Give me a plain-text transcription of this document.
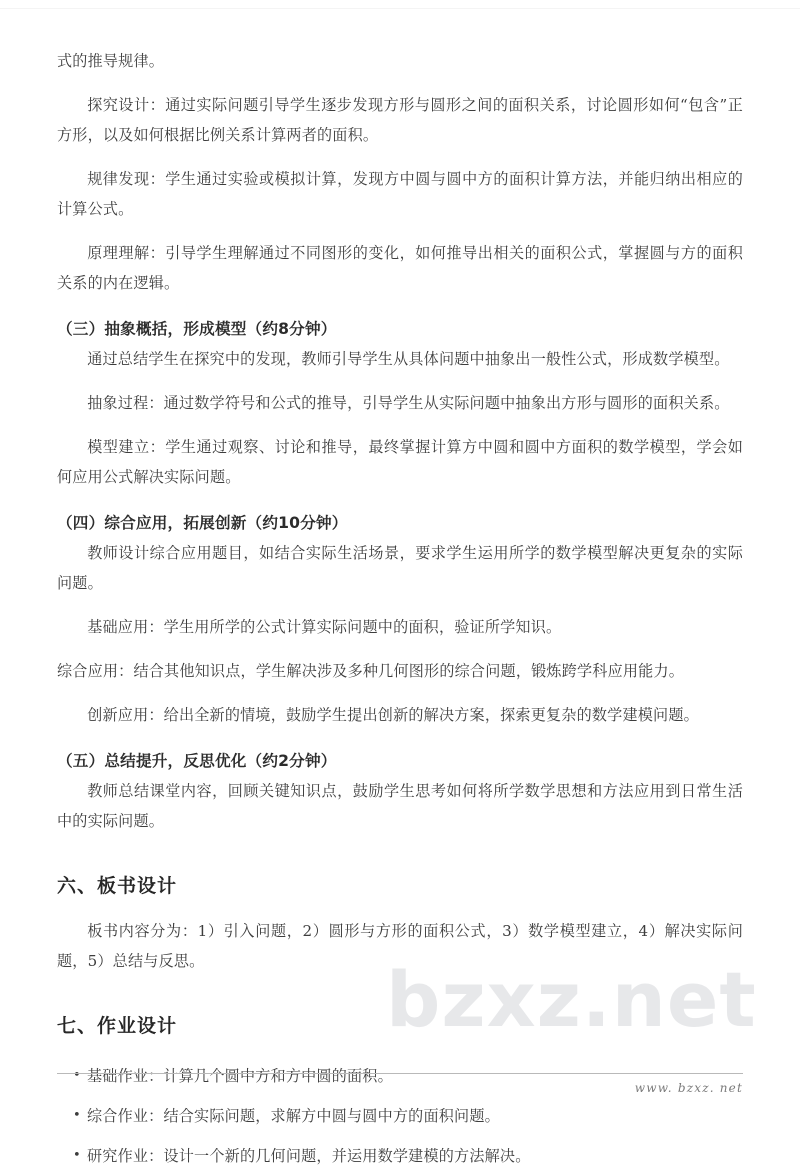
bzxz.net

式的推导规律。

探究设计：通过实际问题引导学生逐步发现方形与圆形之间的面积关系，讨论圆形如何“包含”正方形，以及如何根据比例关系计算两者的面积。

规律发现：学生通过实验或模拟计算，发现方中圆与圆中方的面积计算方法，并能归纳出相应的计算公式。

原理理解：引导学生理解通过不同图形的变化，如何推导出相关的面积公式，掌握圆与方的面积关系的内在逻辑。

（三）抽象概括，形成模型（约8分钟）

通过总结学生在探究中的发现，教师引导学生从具体问题中抽象出一般性公式，形成数学模型。

抽象过程：通过数学符号和公式的推导，引导学生从实际问题中抽象出方形与圆形的面积关系。

模型建立：学生通过观察、讨论和推导，最终掌握计算方中圆和圆中方面积的数学模型，学会如何应用公式解决实际问题。

（四）综合应用，拓展创新（约10分钟）

教师设计综合应用题目，如结合实际生活场景，要求学生运用所学的数学模型解决更复杂的实际问题。

基础应用：学生用所学的公式计算实际问题中的面积，验证所学知识。

综合应用：结合其他知识点，学生解决涉及多种几何图形的综合问题，锻炼跨学科应用能力。

创新应用：给出全新的情境，鼓励学生提出创新的解决方案，探索更复杂的数学建模问题。

（五）总结提升，反思优化（约2分钟）

教师总结课堂内容，回顾关键知识点，鼓励学生思考如何将所学数学思想和方法应用到日常生活中的实际问题。

六、板书设计

板书内容分为：1）引入问题，2）圆形与方形的面积公式，3）数学模型建立，4）解决实际问题，5）总结与反思。

七、作业设计
• 基础作业：计算几个圆中方和方中圆的面积。
• 综合作业：结合实际问题，求解方中圆与圆中方的面积问题。
• 研究作业：设计一个新的几何问题，并运用数学建模的方法解决。
www. bzxz. net
